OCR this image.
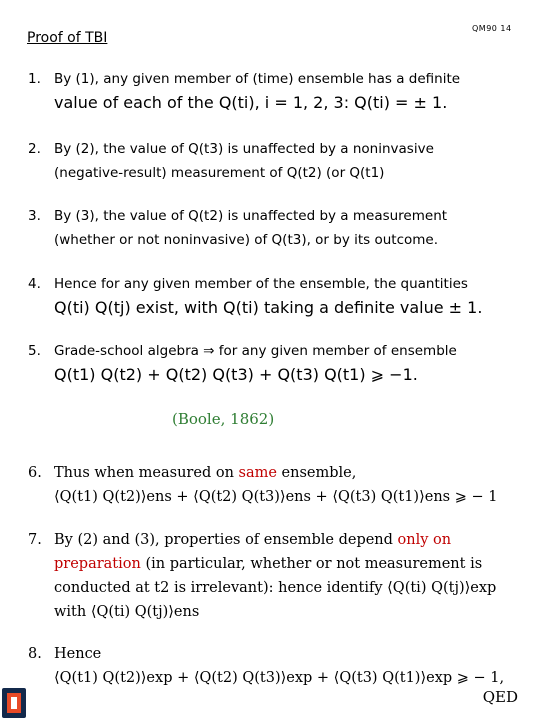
Proof of TBI
QM90 14
1. By (1), any given member of (time) ensemble has a definite
value of each of the Q(ti), i = 1, 2, 3: Q(ti) = ± 1.
2. By (2), the value of Q(t3) is unaffected by a noninvasive
(negative-result) measurement of Q(t2) (or Q(t1)
3. By (3), the value of Q(t2) is unaffected by a measurement
(whether or not noninvasive) of Q(t3), or by its outcome.
4. Hence for any given member of the ensemble, the quantities
Q(ti) Q(tj) exist, with Q(ti) taking a definite value ± 1.
5. Grade-school algebra ⇒ for any given member of ensemble
Q(t1) Q(t2) + Q(t2) Q(t3) + Q(t3) Q(t1) ⩾ −1.
(Boole, 1862)
6. Thus when measured on same ensemble,
⟨Q(t1) Q(t2)⟩ens + ⟨Q(t2) Q(t3)⟩ens + ⟨Q(t3) Q(t1)⟩ens ⩾ − 1
7. By (2) and (3), properties of ensemble depend only on
preparation (in particular, whether or not measurement is
conducted at t2 is irrelevant): hence identify ⟨Q(ti) Q(tj)⟩exp
with ⟨Q(ti) Q(tj)⟩ens
8. Hence
⟨Q(t1) Q(t2)⟩exp + ⟨Q(t2) Q(t3)⟩exp + ⟨Q(t3) Q(t1)⟩exp ⩾ − 1,
QED
